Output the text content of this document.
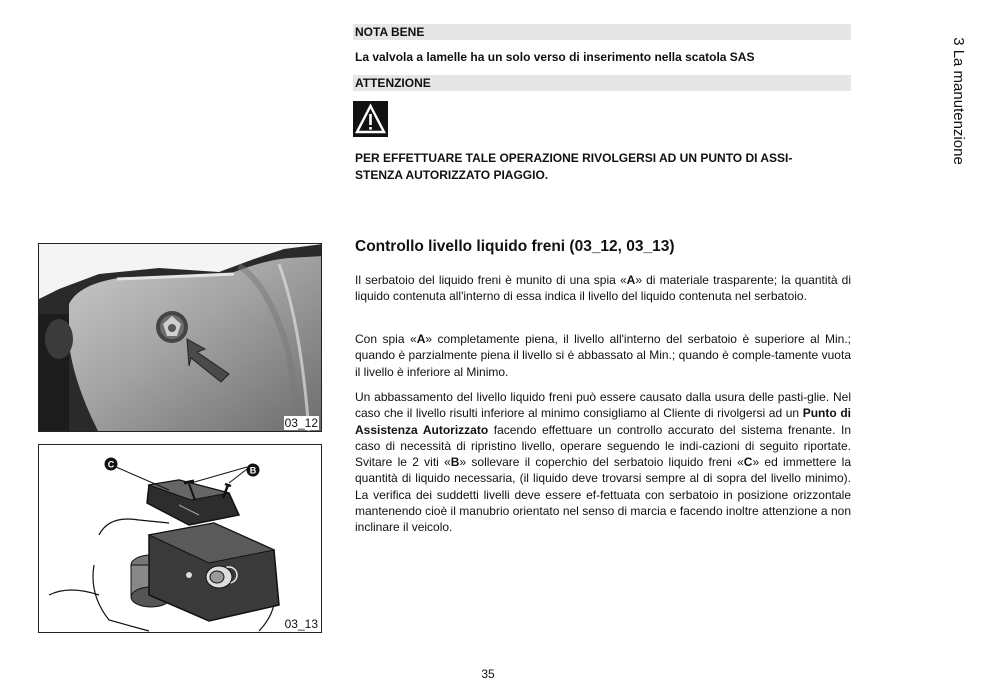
NOTA BENE
La valvola a lamelle ha un solo verso di inserimento nella scatola SAS
ATTENZIONE
PER EFFETTUARE TALE OPERAZIONE RIVOLGERSI AD UN PUNTO DI ASSI-
STENZA AUTORIZZATO PIAGGIO.
3 La manutenzione
Controllo livello liquido freni (03_12, 03_13)

Il serbatoio del liquido freni è munito di una spia «A» di materiale trasparente; la quantità di liquido contenuta all'interno di essa indica il livello del liquido contenuta nel serbatoio.

Con spia «A» completamente piena, il livello all'interno del serbatoio è superiore al Min.; quando è parzialmente piena il livello si è abbassato al Min.; quando è comple-tamente vuota il livello è inferiore al Minimo.

Un abbassamento del livello liquido freni può essere causato dalla usura delle pasti-glie. Nel caso che il livello risulti inferiore al minimo consigliamo al Cliente di rivolgersi ad un Punto di Assistenza Autorizzato facendo effettuare un controllo accurato del sistema frenante. In caso di necessità di ripristino livello, operare seguendo le indi-cazioni di seguito riportate. Svitare le 2 viti «B» sollevare il coperchio del serbatoio liquido freni «C» ed immettere la quantità di liquido necessaria, (il liquido deve trovarsi sempre al di sopra del livello minimo). La verifica dei suddetti livelli deve essere ef-fettuata con serbatoio in posizione orizzontale mantenendo cioè il manubrio orientato nel senso di marcia e facendo inoltre attenzione a non inclinare il veicolo.

03_12
C
B
03_13
35
